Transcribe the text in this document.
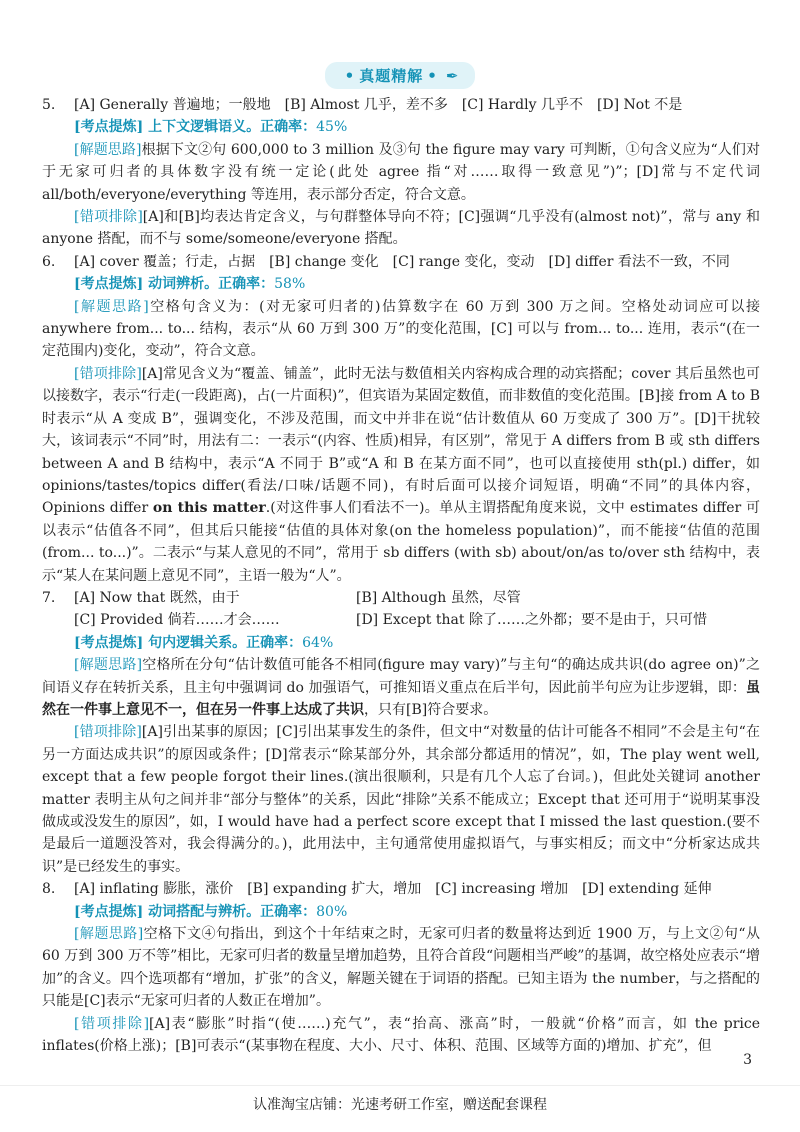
• 真题精解 • ✒

5. [A] Generally 普遍地；一般地　[B] Almost 几乎，差不多　[C] Hardly 几乎不　[D] Not 不是

[考点提炼] 上下文逻辑语义。正确率：45%

[解题思路]根据下文②句 600,000 to 3 million 及③句 the figure may vary 可判断，①句含义应为“人们对于无家可归者的具体数字没有统一定论(此处 agree 指“对……取得一致意见”)”；[D]常与不定代词 all/both/everyone/everything 等连用，表示部分否定，符合文意。

[错项排除][A]和[B]均表达肯定含义，与句群整体导向不符；[C]强调“几乎没有(almost not)”，常与 any 和 anyone 搭配，而不与 some/someone/everyone 搭配。

6. [A] cover 覆盖；行走，占据　[B] change 变化　[C] range 变化，变动　[D] differ 看法不一致，不同

[考点提炼] 动词辨析。正确率：58%

[解题思路]空格句含义为：(对无家可归者的)估算数字在 60 万到 300 万之间。空格处动词应可以接 anywhere from... to... 结构，表示“从 60 万到 300 万”的变化范围，[C] 可以与 from... to... 连用，表示“(在一定范围内)变化，变动”，符合文意。

[错项排除][A]常见含义为“覆盖、铺盖”，此时无法与数值相关内容构成合理的动宾搭配；cover 其后虽然也可以接数字，表示“行走(一段距离)，占(一片面积)”，但宾语为某固定数值，而非数值的变化范围。[B]接 from A to B 时表示“从 A 变成 B”，强调变化，不涉及范围，而文中并非在说“估计数值从 60 万变成了 300 万”。[D]干扰较大，该词表示“不同”时，用法有二：一表示“(内容、性质)相异，有区别”，常见于 A differs from B 或 sth differs between A and B 结构中，表示“A 不同于 B”或“A 和 B 在某方面不同”，也可以直接使用 sth(pl.) differ，如 opinions/tastes/topics differ(看法/口味/话题不同)，有时后面可以接介词短语，明确“不同”的具体内容，Opinions differ on this matter.(对这件事人们看法不一)。单从主谓搭配角度来说，文中 estimates differ 可以表示“估值各不同”，但其后只能接“估值的具体对象(on the homeless population)”，而不能接“估值的范围(from... to...)”。二表示“与某人意见的不同”，常用于 sb differs (with sb) about/on/as to/over sth 结构中，表示“某人在某问题上意见不同”，主语一般为“人”。

7. [A] Now that 既然，由于	[B] Although 虽然，尽管

[C] Provided 倘若……才会……	[D] Except that 除了……之外都；要不是由于，只可惜

[考点提炼] 句内逻辑关系。正确率：64%

[解题思路]空格所在分句“估计数值可能各不相同(figure may vary)”与主句“的确达成共识(do agree on)”之间语义存在转折关系，且主句中强调词 do 加强语气，可推知语义重点在后半句，因此前半句应为让步逻辑，即：虽然在一件事上意见不一，但在另一件事上达成了共识，只有[B]符合要求。

[错项排除][A]引出某事的原因；[C]引出某事发生的条件，但文中“对数量的估计可能各不相同”不会是主句“在另一方面达成共识”的原因或条件；[D]常表示“除某部分外，其余部分都适用的情况”，如，The play went well, except that a few people forgot their lines.(演出很顺利，只是有几个人忘了台词。)，但此处关键词 another matter 表明主从句之间并非“部分与整体”的关系，因此“排除”关系不能成立；Except that 还可用于“说明某事没做成或没发生的原因”，如，I would have had a perfect score except that I missed the last question.(要不是最后一道题没答对，我会得满分的。)，此用法中，主句通常使用虚拟语气，与事实相反；而文中“分析家达成共识”是已经发生的事实。

8. [A] inflating 膨胀，涨价　[B] expanding 扩大，增加　[C] increasing 增加　[D] extending 延伸

[考点提炼] 动词搭配与辨析。正确率：80%

[解题思路]空格下文④句指出，到这个十年结束之时，无家可归者的数量将达到近 1900 万，与上文②句“从 60 万到 300 万不等”相比，无家可归者的数量呈增加趋势，且符合首段“问题相当严峻”的基调，故空格处应表示“增加”的含义。四个选项都有“增加，扩张”的含义，解题关键在于词语的搭配。已知主语为 the number，与之搭配的只能是[C]表示“无家可归者的人数正在增加”。

[错项排除][A]表“膨胀”时指“(使……)充气”，表“抬高、涨高”时，一般就“价格”而言，如 the price inflates(价格上涨)；[B]可表示“(某事物在程度、大小、尺寸、体积、范围、区域等方面的)增加、扩充”，但

3
认准淘宝店铺：光速考研工作室，赠送配套课程
